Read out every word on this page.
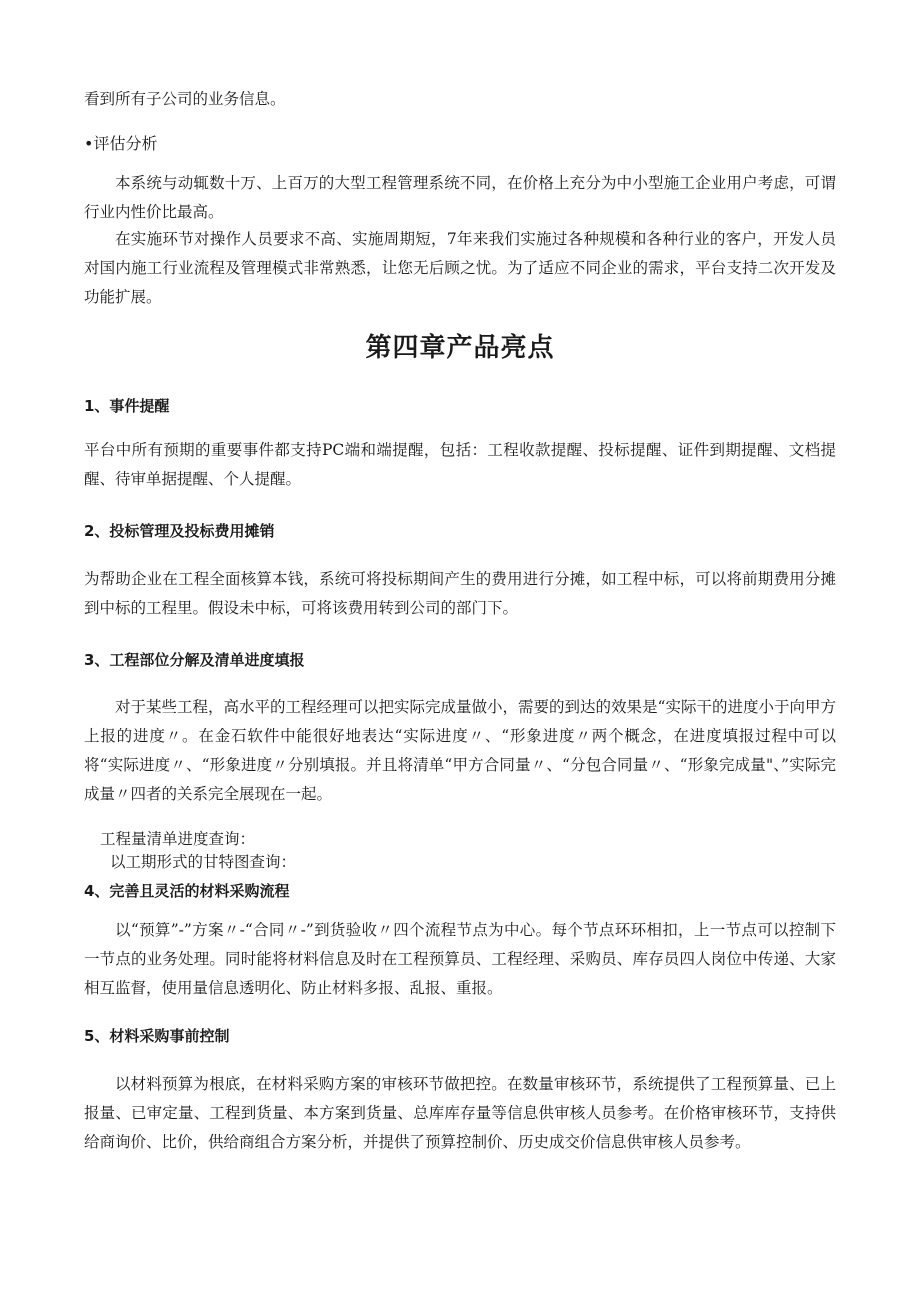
看到所有子公司的业务信息。

•评估分析

本系统与动辄数十万、上百万的大型工程管理系统不同，在价格上充分为中小型施工企业用户考虑，可谓行业内性价比最高。

在实施环节对操作人员要求不高、实施周期短，7年来我们实施过各种规模和各种行业的客户，开发人员对国内施工行业流程及管理模式非常熟悉，让您无后顾之忧。为了适应不同企业的需求，平台支持二次开发及功能扩展。

第四章产品亮点
1、事件提醒

平台中所有预期的重要事件都支持PC端和端提醒，包括：工程收款提醒、投标提醒、证件到期提醒、文档提醒、待审单据提醒、个人提醒。

2、投标管理及投标费用摊销

为帮助企业在工程全面核算本钱，系统可将投标期间产生的费用进行分摊，如工程中标，可以将前期费用分摊到中标的工程里。假设未中标，可将该费用转到公司的部门下。

3、工程部位分解及清单进度填报

对于某些工程，高水平的工程经理可以把实际完成量做小，需要的到达的效果是“实际干的进度小于向甲方上报的进度〃。在金石软件中能很好地表达“实际进度〃、“形象进度〃两个概念，在进度填报过程中可以将“实际进度〃、“形象进度〃分别填报。并且将清单“甲方合同量〃、“分包合同量〃、“形象完成量"、”实际完成量〃四者的关系完全展现在一起。

工程量清单进度查询：

以工期形式的甘特图查询：

4、完善且灵活的材料采购流程

以“预算”-”方案〃-“合同〃-”到货验收〃四个流程节点为中心。每个节点环环相扣，上一节点可以控制下一节点的业务处理。同时能将材料信息及时在工程预算员、工程经理、采购员、库存员四人岗位中传递、大家相互监督，使用量信息透明化、防止材料多报、乱报、重报。

5、材料采购事前控制

以材料预算为根底，在材料采购方案的审核环节做把控。在数量审核环节，系统提供了工程预算量、已上报量、已审定量、工程到货量、本方案到货量、总库库存量等信息供审核人员参考。在价格审核环节，支持供给商询价、比价，供给商组合方案分析，并提供了预算控制价、历史成交价信息供审核人员参考。
